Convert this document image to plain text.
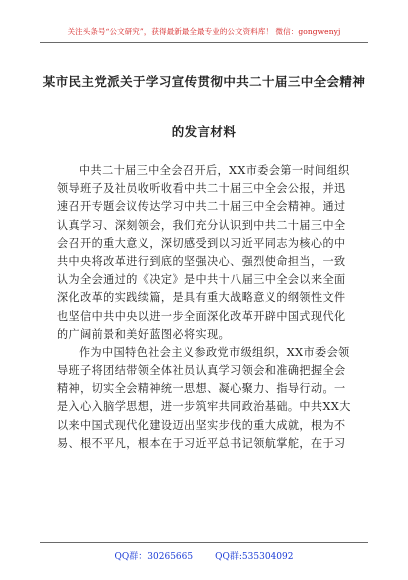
关注头条号“公文研究”，获得最新最全最专业的公文资料库！ 微信：gongwenyj
某市民主党派关于学习宣传贯彻中共二十届三中全会精神
的发言材料
中共二十届三中全会召开后，XX市委会第一时间组织
领导班子及社员收听收看中共二十届三中全会公报，并迅
速召开专题会议传达学习中共二十届三中全会精神。通过
认真学习、深刻领会，我们充分认识到中共二十届三中全
会召开的重大意义，深切感受到以习近平同志为核心的中
共中央将改革进行到底的坚强决心、强烈使命担当，一致
认为全会通过的《决定》是中共十八届三中全会以来全面
深化改革的实践续篇，是具有重大战略意义的纲领性文件
也坚信中共中央以进一步全面深化改革开辟中国式现代化
的广阔前景和美好蓝图必将实现。
作为中国特色社会主义参政党市级组织，XX市委会领
导班子将团结带领全体社员认真学习领会和准确把握全会
精神，切实全会精神统一思想、凝心聚力、指导行动。一
是入心入脑学思想，进一步筑牢共同政治基础。中共XX大
以来中国式现代化建设迈出坚实步伐的重大成就，根为不
易、根不平凡，根本在于习近平总书记领航掌舵，在于习
QQ群：30265665 QQ群:535304092
